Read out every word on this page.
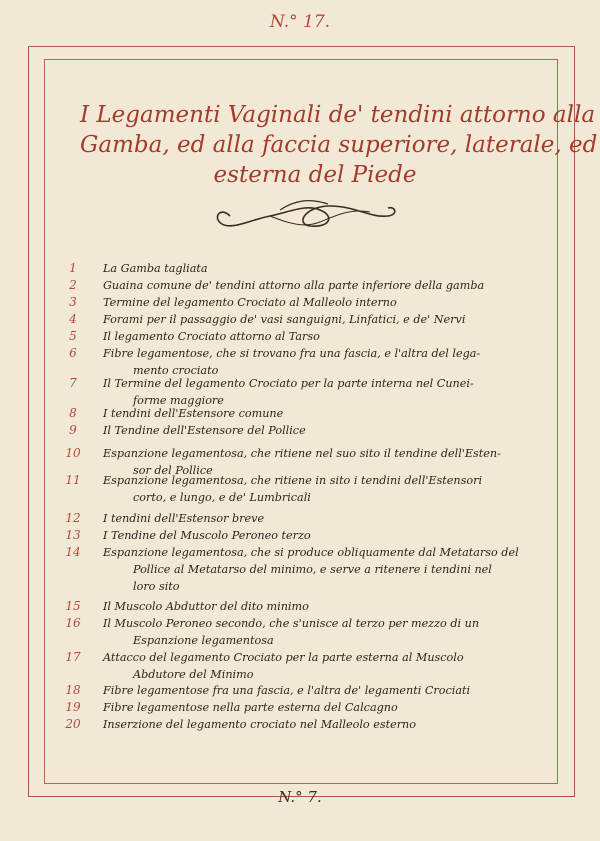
N.° 17.
I Legamenti Vaginali de' tendini attorno alla
Gamba, ed alla faccia superiore, laterale, ed
esterna del Piede
1	La Gamba tagliata
2	Guaina comune de' tendini attorno alla parte inferiore della gamba
3	Termine del legamento Crociato al Malleolo interno
4	Forami per il passaggio de' vasi sanguigni, Linfatici, e de' Nervi
5	Il legamento Crociato attorno al Tarso
6	Fibre legamentose, che si trovano fra una fascia, e l'altra del lega-
mento crociato
7	Il Termine del legamento Crociato per la parte interna nel Cunei-
forme maggiore
8	I tendini dell'Estensore comune
9	Il Tendine dell'Estensore del Pollice
10	Espanzione legamentosa, che ritiene nel suo sito il tendine dell'Esten-
sor del Pollice
11	Espanzione legamentosa, che ritiene in sito i tendini dell'Estensori
corto, e lungo, e de' Lumbricali
12	I tendini dell'Estensor breve
13	I Tendine del Muscolo Peroneo terzo
14	Espanzione legamentosa, che si produce obliquamente dal Metatarso del
Pollice al Metatarso del minimo, e serve a ritenere i tendini nel
loro sito
15	Il Muscolo Abduttor del dito minimo
16	Il Muscolo Peroneo secondo, che s'unisce al terzo per mezzo di un
Espanzione legamentosa
17	Attacco del legamento Crociato per la parte esterna al Muscolo
Abdutore del Minimo
18	Fibre legamentose fra una fascia, e l'altra de' legamenti Crociati
19	Fibre legamentose nella parte esterna del Calcagno
20	Inserzione del legamento crociato nel Malleolo esterno
N.° 7.
